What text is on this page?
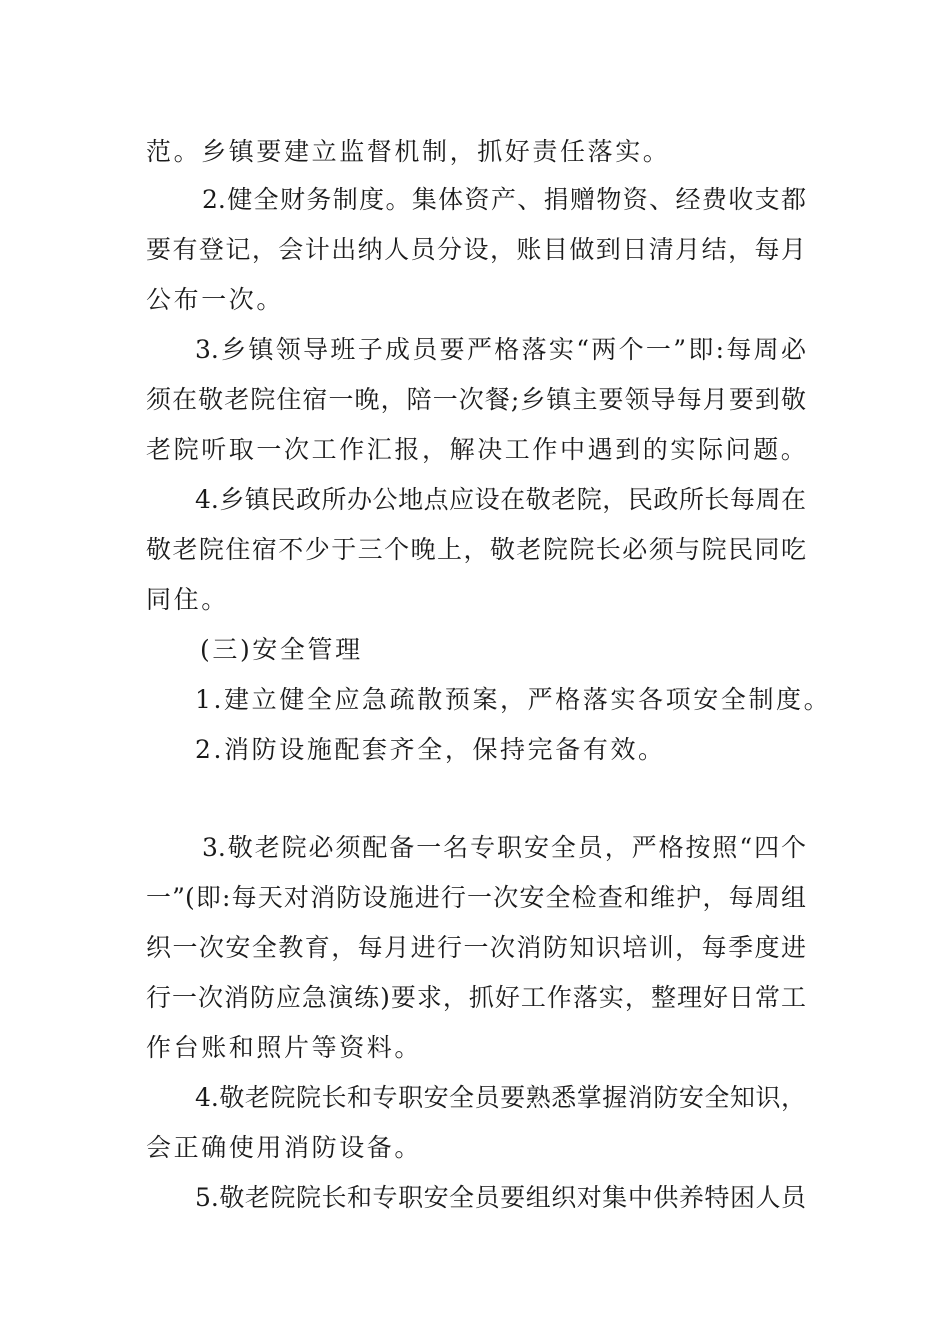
范。乡镇要建立监督机制，抓好责任落实。
2.健全财务制度。集体资产、捐赠物资、经费收支都
要有登记，会计出纳人员分设，账目做到日清月结，每月
公布一次。
3.乡镇领导班子成员要严格落实“两个一”即:每周必
须在敬老院住宿一晚，陪一次餐;乡镇主要领导每月要到敬
老院听取一次工作汇报，解决工作中遇到的实际问题。
4.乡镇民政所办公地点应设在敬老院，民政所长每周在
敬老院住宿不少于三个晚上，敬老院院长必须与院民同吃
同住。
(三)安全管理
1.建立健全应急疏散预案，严格落实各项安全制度。
2.消防设施配套齐全，保持完备有效。
3.敬老院必须配备一名专职安全员，严格按照“四个
一”(即:每天对消防设施进行一次安全检查和维护，每周组
织一次安全教育，每月进行一次消防知识培训，每季度进
行一次消防应急演练)要求，抓好工作落实，整理好日常工
作台账和照片等资料。
4.敬老院院长和专职安全员要熟悉掌握消防安全知识，
会正确使用消防设备。
5.敬老院院长和专职安全员要组织对集中供养特困人员
